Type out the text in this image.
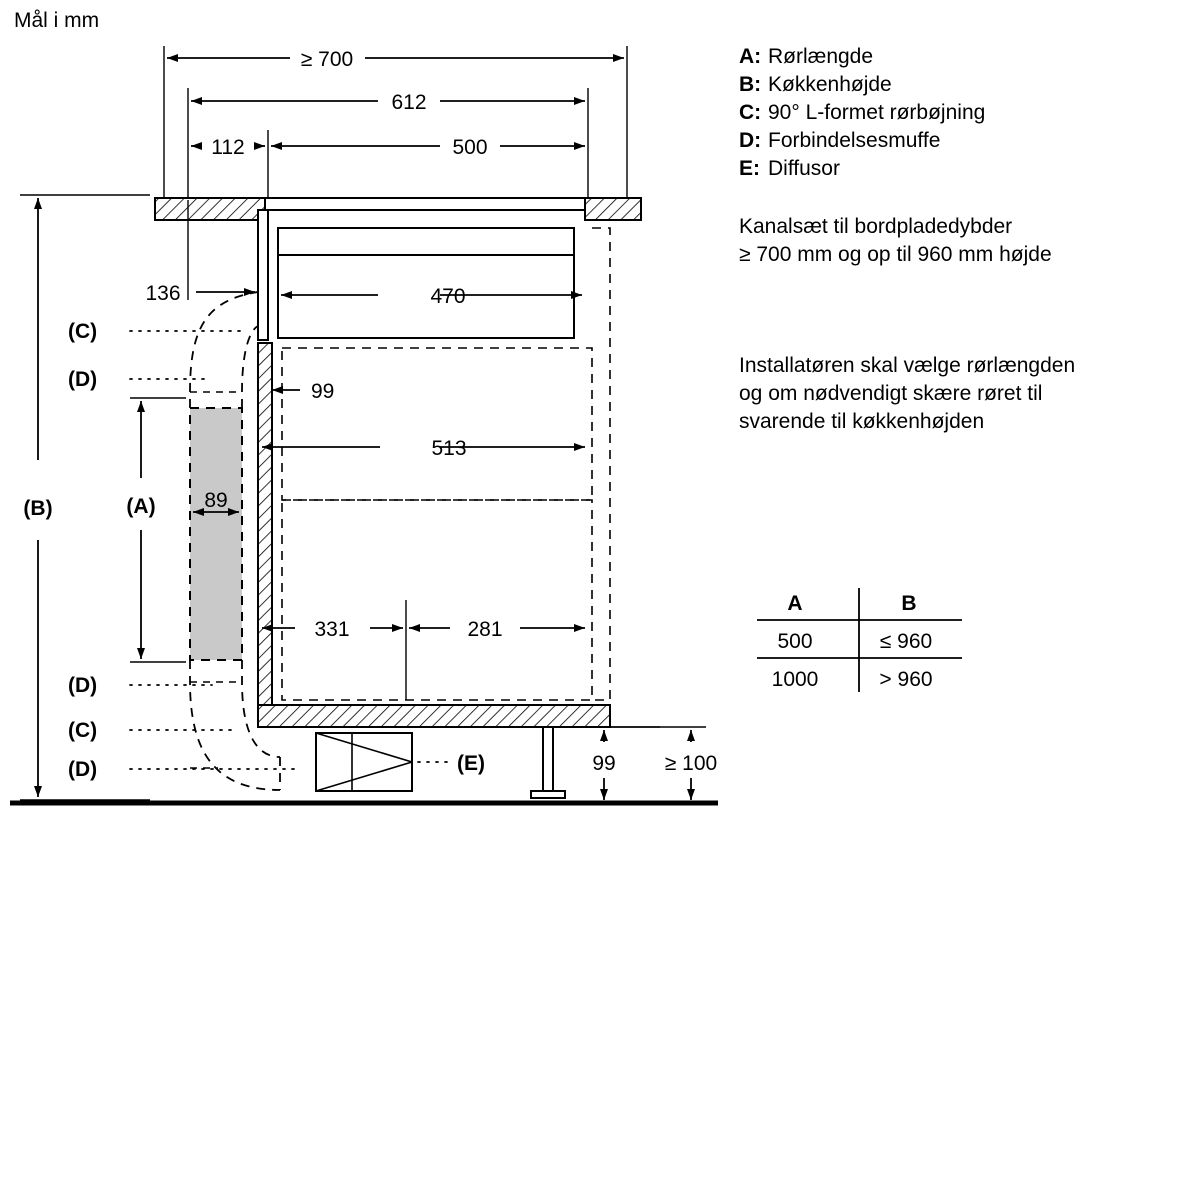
Mål i mm
≥ 700
612
112	500
(B)	(A)
136	470
99
513
89
331	281
99 ≥ 100
(C)
(D)
(D)
(C)
(D)	(E)
A: Rørlængde
B: Køkkenhøjde
C: 90° L-formet rørbøjning
D: Forbindelsesmuffe
E: Diffusor
Kanalsæt til bordpladedybder
≥ 700 mm og op til 960 mm højde
Installatøren skal vælge rørlængden
og om nødvendigt skære røret til
svarende til køkkenhøjden
A	B
500	≤ 960
1000	> 960
